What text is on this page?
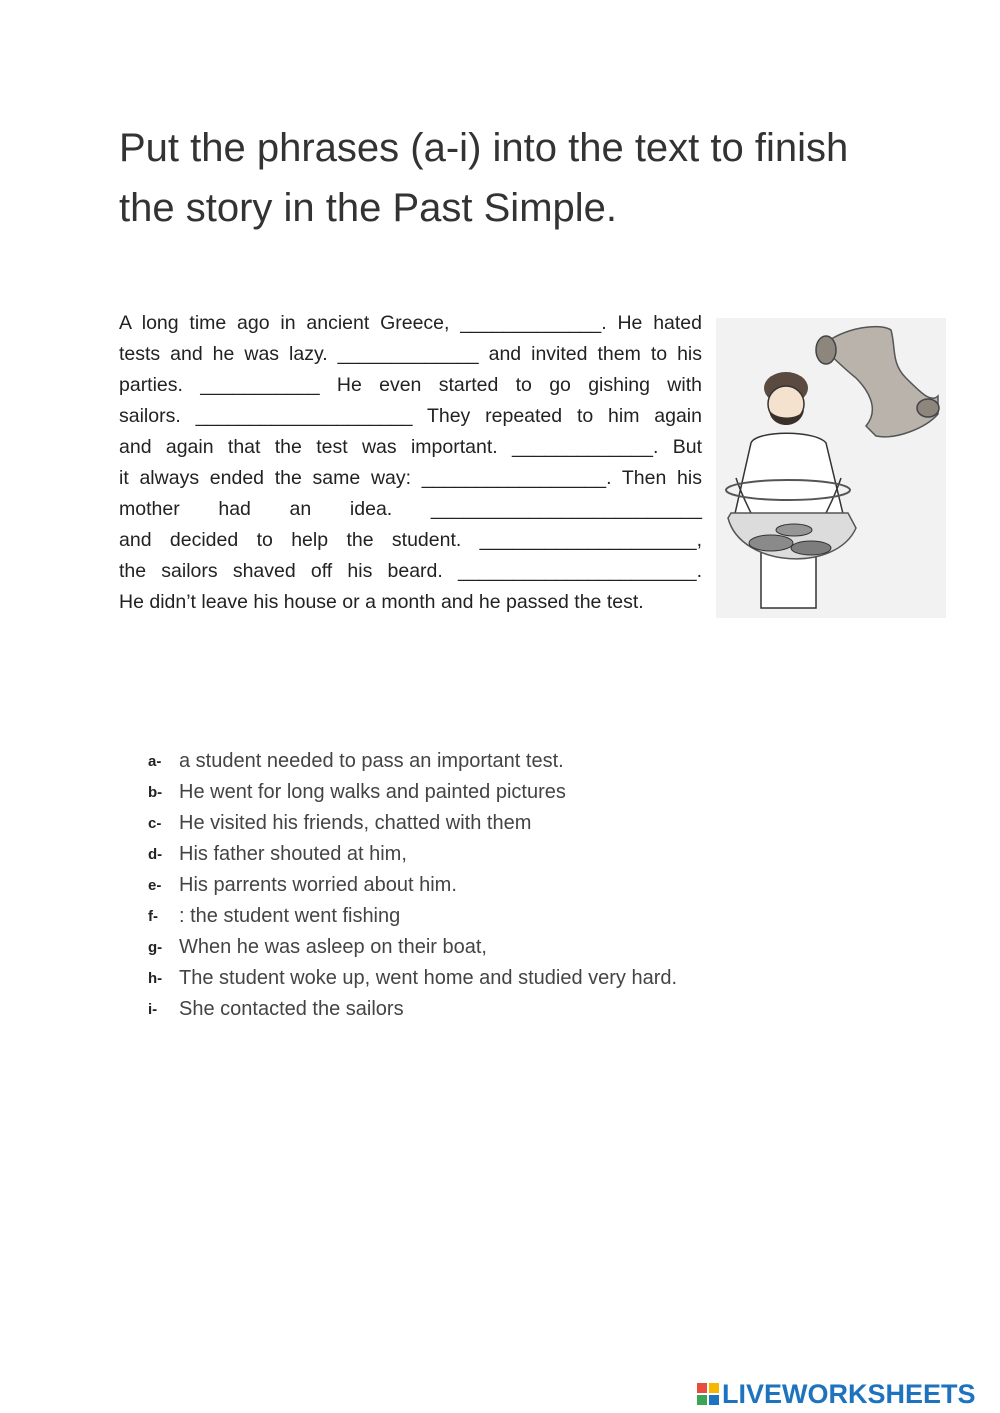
Put the phrases (a-i) into the text to finish
the story in the Past Simple.
A long time ago in ancient Greece, _____________. He hated
tests and he was lazy. _____________ and invited them to his
parties. ___________ He even started to go gishing with
sailors. ____________________ They repeated to him again
and again that the test was important. _____________. But
it always ended the same way: _________________. Then his
mother had an idea. _________________________
and decided to help the student. ____________________,
the sailors shaved off his beard. ______________________.
He didn’t leave his house or a month and he passed the test.
a- a student needed to pass an important test.
b- He went for long walks and painted pictures
c- He visited his friends, chatted with them
d- His father shouted at him,
e- His parrents worried about him.
f-	: the student went fishing
g- When he was asleep on their boat,
h- The student woke up, went home and studied very hard.
i-	She contacted the sailors
LIVEWORKSHEETS
